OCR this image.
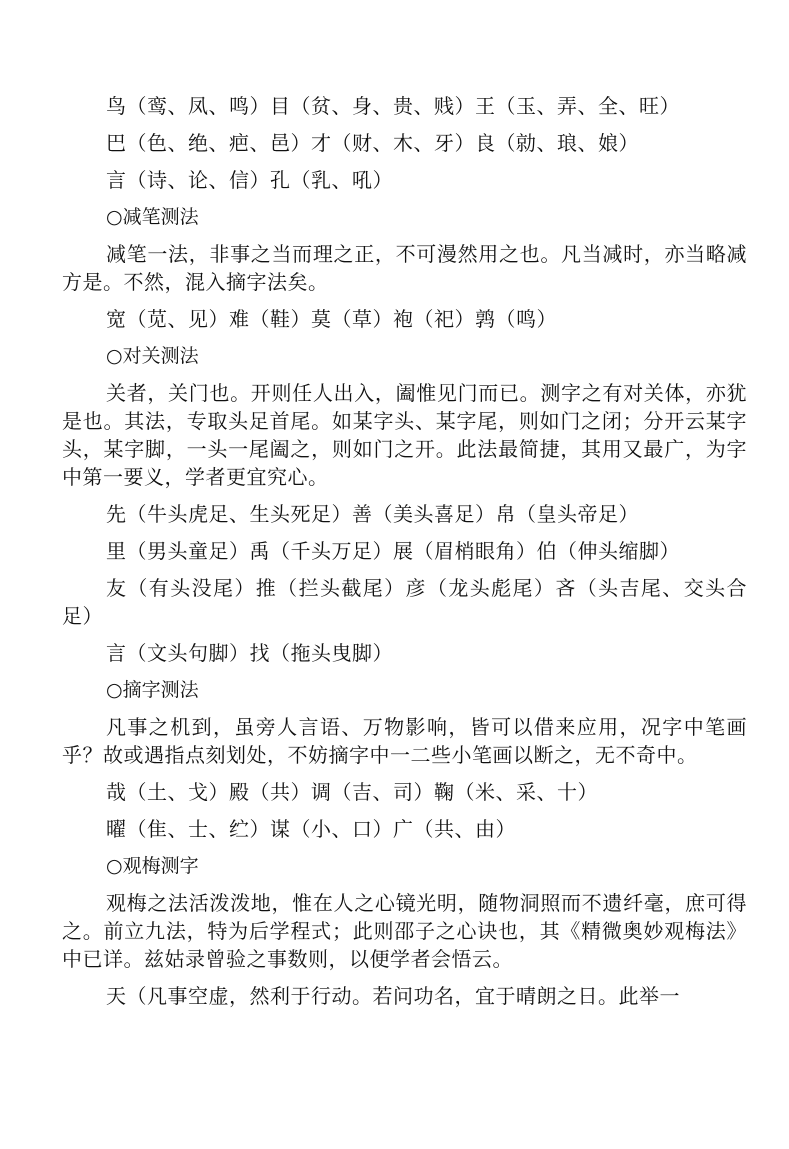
鸟（鸾、凤、鸣）目（贫、身、贵、贱）王（玉、弄、全、旺）

巴（色、绝、疤、邑）才（财、木、牙）良（勍、琅、娘）

言（诗、论、信）孔（乳、吼）

○减笔测法

减笔一法，非事之当而理之正，不可漫然用之也。凡当减时，亦当略减方是。不然，混入摘字法矣。

宽（苋、见）难（鞋）莫（草）袍（祀）鹑（鸣）

○对关测法

关者，关门也。开则任人出入，阖惟见门而已。测字之有对关体，亦犹是也。其法，专取头足首尾。如某字头、某字尾，则如门之闭；分开云某字头，某字脚，一头一尾阖之，则如门之开。此法最简捷，其用又最广，为字中第一要义，学者更宜究心。

先（牛头虎足、生头死足）善（美头喜足）帛（皇头帝足）

里（男头童足）禹（千头万足）展（眉梢眼角）伯（伸头缩脚）

友（有头没尾）推（拦头截尾）彦（龙头彪尾）吝（头吉尾、交头合足）

言（文头句脚）找（拖头曳脚）

○摘字测法

凡事之机到，虽旁人言语、万物影响，皆可以借来应用，况字中笔画乎？故或遇指点刻划处，不妨摘字中一二些小笔画以断之，无不奇中。

哉（土、戈）殿（共）调（吉、司）鞠（米、采、十）

曜（隹、士、纻）谋（小、口）广（共、由）

○观梅测字

观梅之法活泼泼地，惟在人之心镜光明，随物洞照而不遗纤毫，庶可得之。前立九法，特为后学程式；此则邵子之心诀也，其《精微奥妙观梅法》中已详。兹姑录曾验之事数则，以便学者会悟云。

天（凡事空虚，然利于行动。若问功名，宜于晴朗之日。此举一
